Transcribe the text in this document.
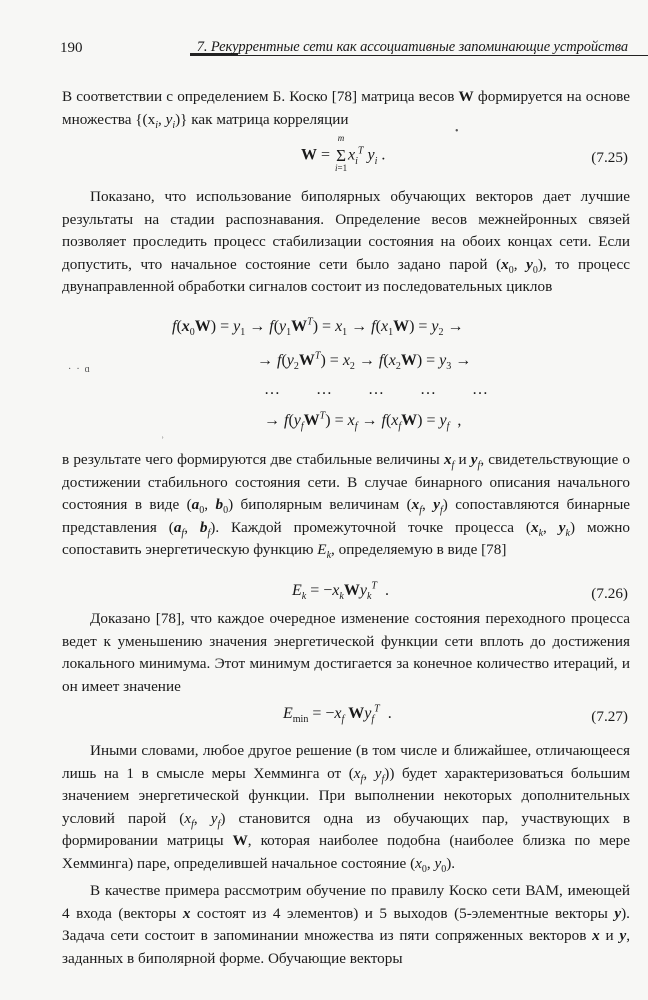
190	7. Рекуррентные сети как ассоциативные запоминающие устройства

В соответствии с определением Б. Коско [78] матрица весов W формируется на основе множества {($x_i$, $y_i$)} как матрица корреляции

W =
m
Σ
i=1
$x_i^T$ $y_i$ .	(7.25)
•

Показано, что использование биполярных обучающих векторов дает лучшие результаты на стадии распознавания. Определение весов межнейронных связей позволяет проследить процесс стабилизации состояния на обоих концах сети. Если допустить, что начальное состояние сети было задано парой ($x_0$, $y_0$), то процесс двунаправленной обработки сигналов состоит из последовательных циклов

$f(x_0W) = y_1 \to f(y_1W^T) = x_1 \to f(x_1W) = y_2$ →
→ $f(y_2W^T) = x_2 \to f(x_2W) = y_3$ →
…   …   …   …   …
→ $f(y_fW^T) = x_f \to f(x_fW) = y_f$  ,
·  ·  ɑ
ʾ

в результате чего формируются две стабильные величины $x_f$ и $y_f$, свидетельствующие о достижении стабильного состояния сети. В случае бинарного описания начального состояния в виде ($a_0$, $b_0$) биполярным величинам ($x_f$, $y_f$) сопоставляются бинарные представления ($a_f$, $b_f$). Каждой промежуточной точке процесса ($x_k$, $y_k$) можно сопоставить энергетическую функцию $E_k$, определяемую в виде [78]

$E_k = -x_kWy_k^T$  .	(7.26)

Доказано [78], что каждое очередное изменение состояния переходного процесса ведет к уменьшению значения энергетической функции сети вплоть до достижения локального минимума. Этот минимум достигается за конечное количество итераций, и он имеет значение

$E_{min} = -x_f$ $Wy_f^T$  .	(7.27)

Иными словами, любое другое решение (в том числе и ближайшее, отличающееся лишь на 1 в смысле меры Хемминга от ($x_f$, $y_f$)) будет характеризоваться большим значением энергетической функции. При выполнении некоторых дополнительных условий парой ($x_f$, $y_f$) становится одна из обучающих пар, участвующих в формировании матрицы W, которая наиболее подобна (наиболее близка по мере Хемминга) паре, определившей начальное состояние ($x_0$, $y_0$).

В качестве примера рассмотрим обучение по правилу Коско сети ВАМ, имеющей 4 входа (векторы x состоят из 4 элементов) и 5 выходов (5-элементные векторы y). Задача сети состоит в запоминании множества из пяти сопряженных векторов x и y, заданных в биполярной форме. Обучающие векторы
